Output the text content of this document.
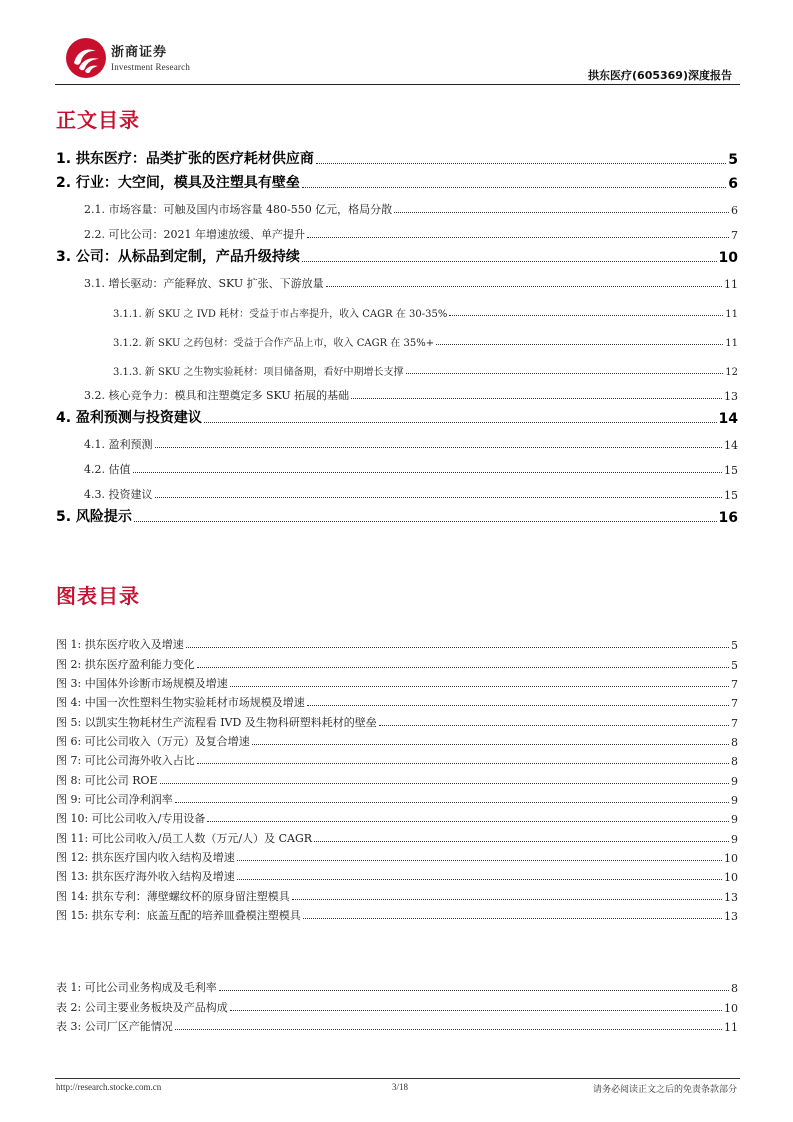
浙商证券
Investment Research
拱东医疗(605369)深度报告
正文目录
1. 拱东医疗：品类扩张的医疗耗材供应商	5
2. 行业：大空间，模具及注塑具有壁垒	6
2.1. 市场容量：可触及国内市场容量 480-550 亿元，格局分散	6
2.2. 可比公司：2021 年增速放缓、单产提升	7
3. 公司：从标品到定制，产品升级持续	10
3.1. 增长驱动：产能释放、SKU 扩张、下游放量	11
3.1.1. 新 SKU 之 IVD 耗材：受益于市占率提升，收入 CAGR 在 30-35%	11
3.1.2. 新 SKU 之药包材：受益于合作产品上市，收入 CAGR 在 35%+	11
3.1.3. 新 SKU 之生物实验耗材：项目储备期，看好中期增长支撑	12
3.2. 核心竞争力：模具和注塑奠定多 SKU 拓展的基础	13
4. 盈利预测与投资建议	14
4.1. 盈利预测	14
4.2. 估值	15
4.3. 投资建议	15
5. 风险提示	16
图表目录
图 1: 拱东医疗收入及增速	5
图 2: 拱东医疗盈利能力变化	5
图 3: 中国体外诊断市场规模及增速	7
图 4: 中国一次性塑料生物实验耗材市场规模及增速	7
图 5: 以凯实生物耗材生产流程看 IVD 及生物科研塑料耗材的壁垒	7
图 6: 可比公司收入（万元）及复合增速	8
图 7: 可比公司海外收入占比	8
图 8: 可比公司 ROE	9
图 9: 可比公司净利润率	9
图 10: 可比公司收入/专用设备	9
图 11: 可比公司收入/员工人数（万元/人）及 CAGR	9
图 12: 拱东医疗国内收入结构及增速	10
图 13: 拱东医疗海外收入结构及增速	10
图 14: 拱东专利：薄壁螺纹杯的原身留注塑模具	13
图 15: 拱东专利：底盖互配的培养皿叠模注塑模具	13
表 1: 可比公司业务构成及毛利率	8
表 2: 公司主要业务板块及产品构成	10
表 3: 公司厂区产能情况	11
http://research.stocke.com.cn	3/18	请务必阅读正文之后的免责条款部分
